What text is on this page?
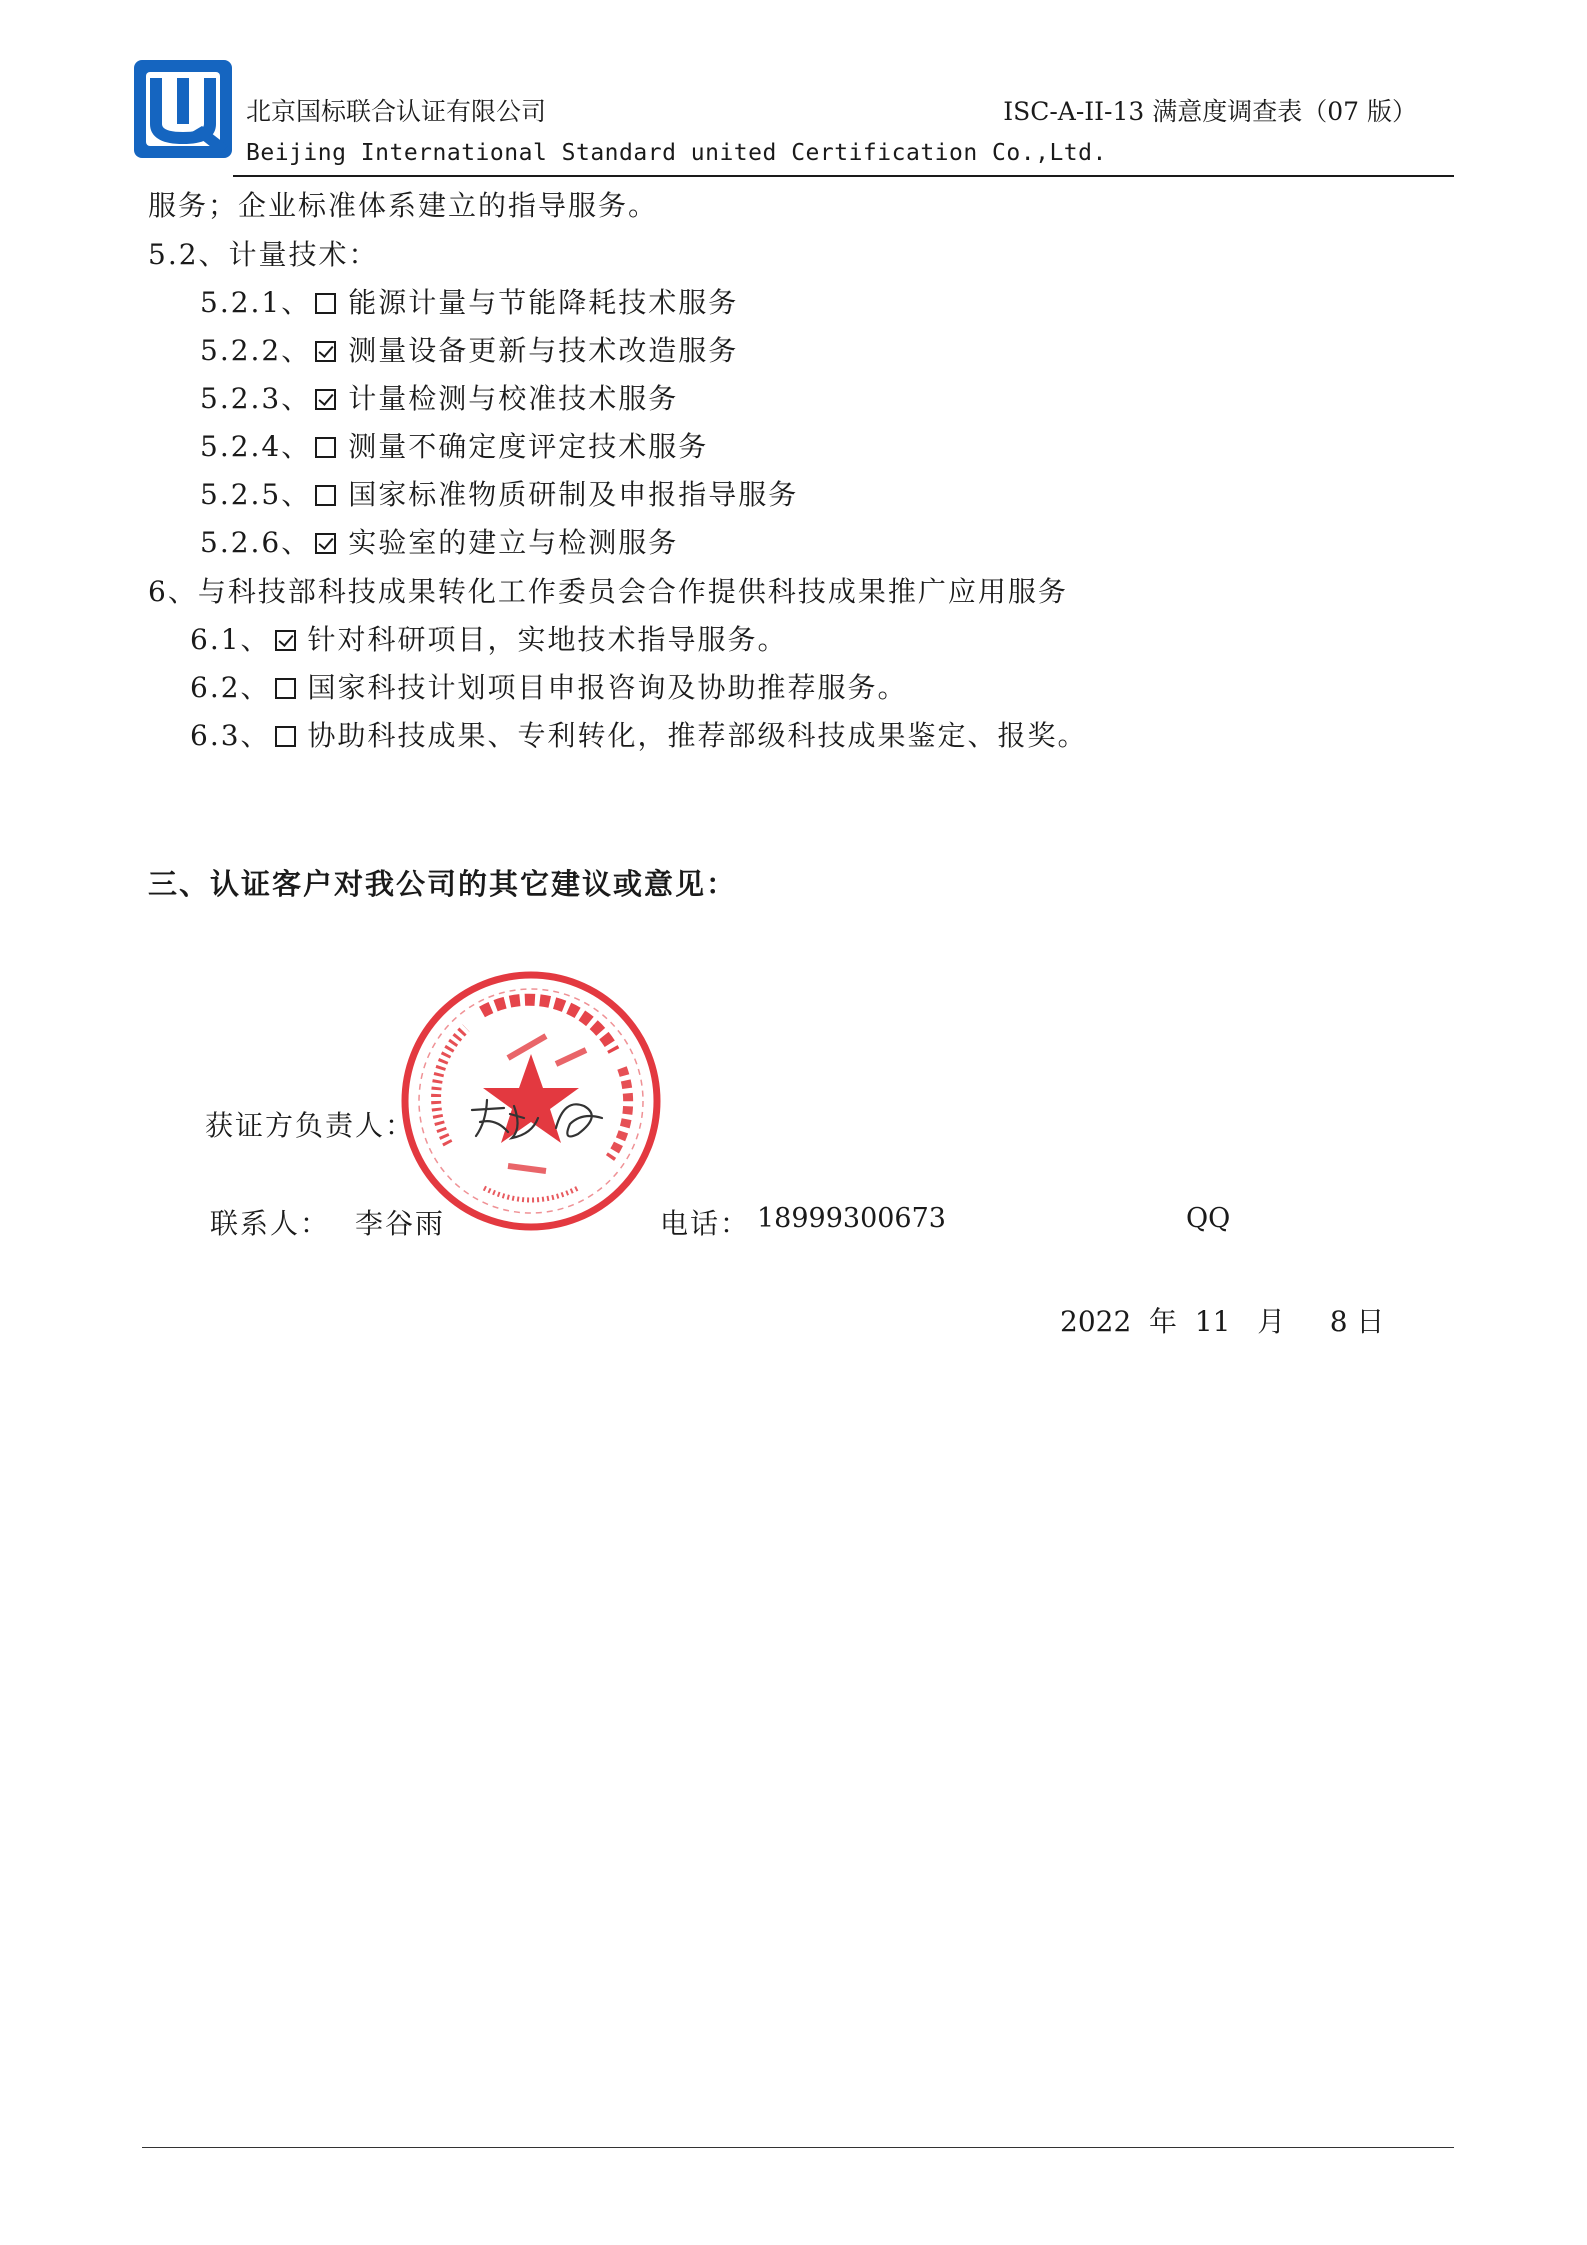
北京国标联合认证有限公司
Beijing International Standard united Certification Co.,Ltd.
ISC-A-II-13 满意度调查表（07 版）
服务；企业标准体系建立的指导服务。
5.2、计量技术：
5.2.1、 能源计量与节能降耗技术服务
5.2.2、 测量设备更新与技术改造服务
5.2.3、 计量检测与校准技术服务
5.2.4、 测量不确定度评定技术服务
5.2.5、 国家标准物质研制及申报指导服务
5.2.6、 实验室的建立与检测服务
6、与科技部科技成果转化工作委员会合作提供科技成果推广应用服务
6.1、 针对科研项目，实地技术指导服务。
6.2、 国家科技计划项目申报咨询及协助推荐服务。
6.3、 协助科技成果、专利转化，推荐部级科技成果鉴定、报奖。
三、认证客户对我公司的其它建议或意见：
获证方负责人：
联系人： 李谷雨	电话： 18999300673	QQ
2022  年  11   月     8 日
